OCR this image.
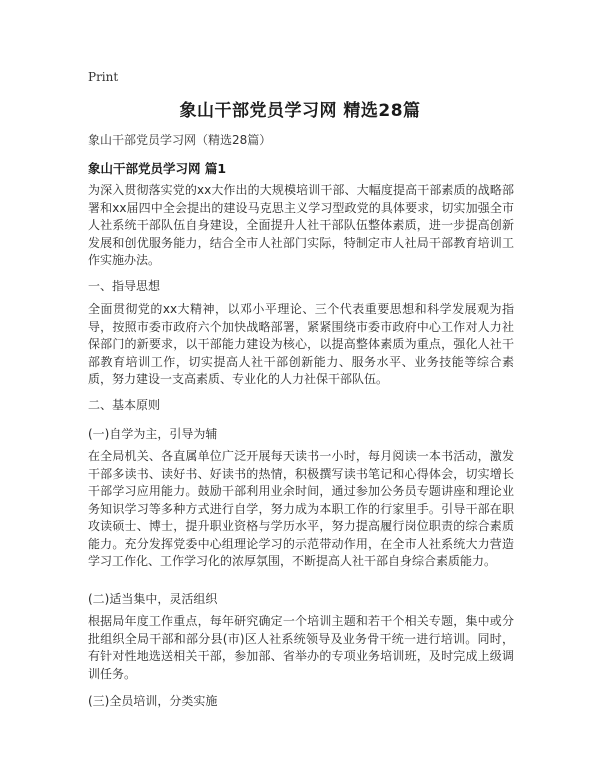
Print
象山干部党员学习网 精选28篇
象山干部党员学习网（精选28篇）
象山干部党员学习网 篇1

为深入贯彻落实党的xx大作出的大规模培训干部、大幅度提高干部素质的战略部署和xx届四中全会提出的建设马克思主义学习型政党的具体要求，切实加强全市人社系统干部队伍自身建设，全面提升人社干部队伍整体素质，进一步提高创新发展和创优服务能力，结合全市人社部门实际，特制定市人社局干部教育培训工作实施办法。

一、指导思想

全面贯彻党的xx大精神，以邓小平理论、三个代表重要思想和科学发展观为指导，按照市委市政府六个加快战略部署，紧紧围绕市委市政府中心工作对人力社保部门的新要求，以干部能力建设为核心，以提高整体素质为重点，强化人社干部教育培训工作，切实提高人社干部创新能力、服务水平、业务技能等综合素质，努力建设一支高素质、专业化的人力社保干部队伍。

二、基本原则
(一)自学为主，引导为辅

在全局机关、各直属单位广泛开展每天读书一小时，每月阅读一本书活动，激发干部多读书、读好书、好读书的热情，积极撰写读书笔记和心得体会，切实增长干部学习应用能力。鼓励干部利用业余时间，通过参加公务员专题讲座和理论业务知识学习等多种方式进行自学，努力成为本职工作的行家里手。引导干部在职攻读硕士、博士，提升职业资格与学历水平，努力提高履行岗位职责的综合素质能力。充分发挥党委中心组理论学习的示范带动作用，在全市人社系统大力营造学习工作化、工作学习化的浓厚氛围，不断提高人社干部自身综合素质能力。

(二)适当集中，灵活组织

根据局年度工作重点，每年研究确定一个培训主题和若干个相关专题，集中或分批组织全局干部和部分县(市)区人社系统领导及业务骨干统一进行培训。同时，有针对性地选送相关干部，参加部、省举办的专项业务培训班，及时完成上级调训任务。

(三)全员培训，分类实施
